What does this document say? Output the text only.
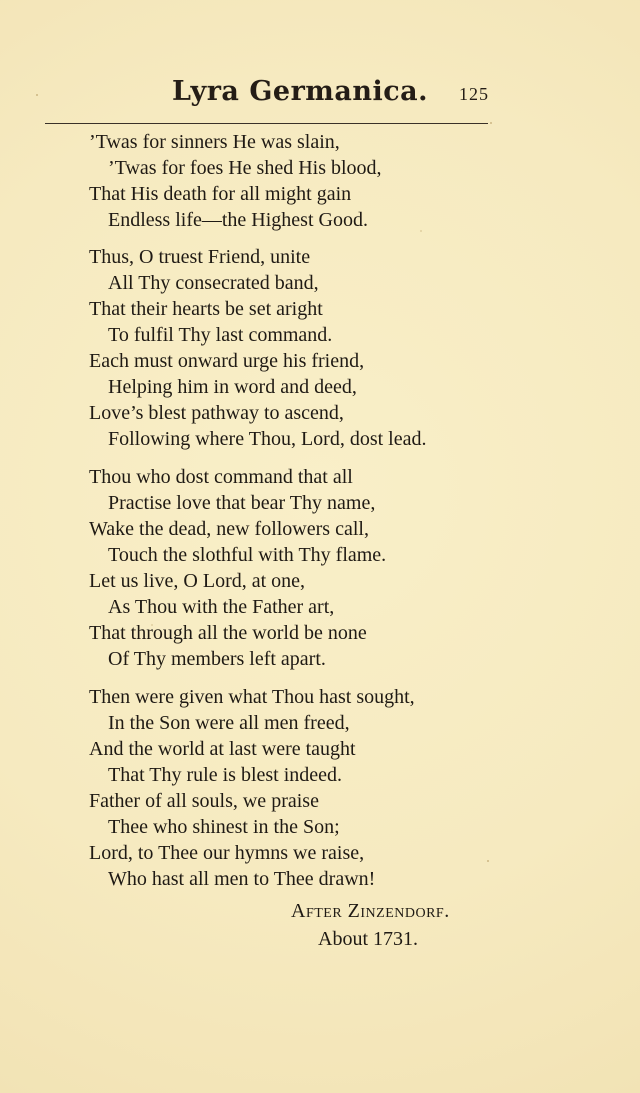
Lyra Germanica. 125
’Twas for sinners He was slain,
’Twas for foes He shed His blood,
That His death for all might gain
Endless life—the Highest Good.
Thus, O truest Friend, unite
All Thy consecrated band,
That their hearts be set aright
To fulfil Thy last command.
Each must onward urge his friend,
Helping him in word and deed,
Love’s blest pathway to ascend,
Following where Thou, Lord, dost lead.
Thou who dost command that all
Practise love that bear Thy name,
Wake the dead, new followers call,
Touch the slothful with Thy flame.
Let us live, O Lord, at one,
As Thou with the Father art,
That through all the world be none
Of Thy members left apart.
Then were given what Thou hast sought,
In the Son were all men freed,
And the world at last were taught
That Thy rule is blest indeed.
Father of all souls, we praise
Thee who shinest in the Son;
Lord, to Thee our hymns we raise,
Who hast all men to Thee drawn!
After Zinzendorf.
About 1731.
